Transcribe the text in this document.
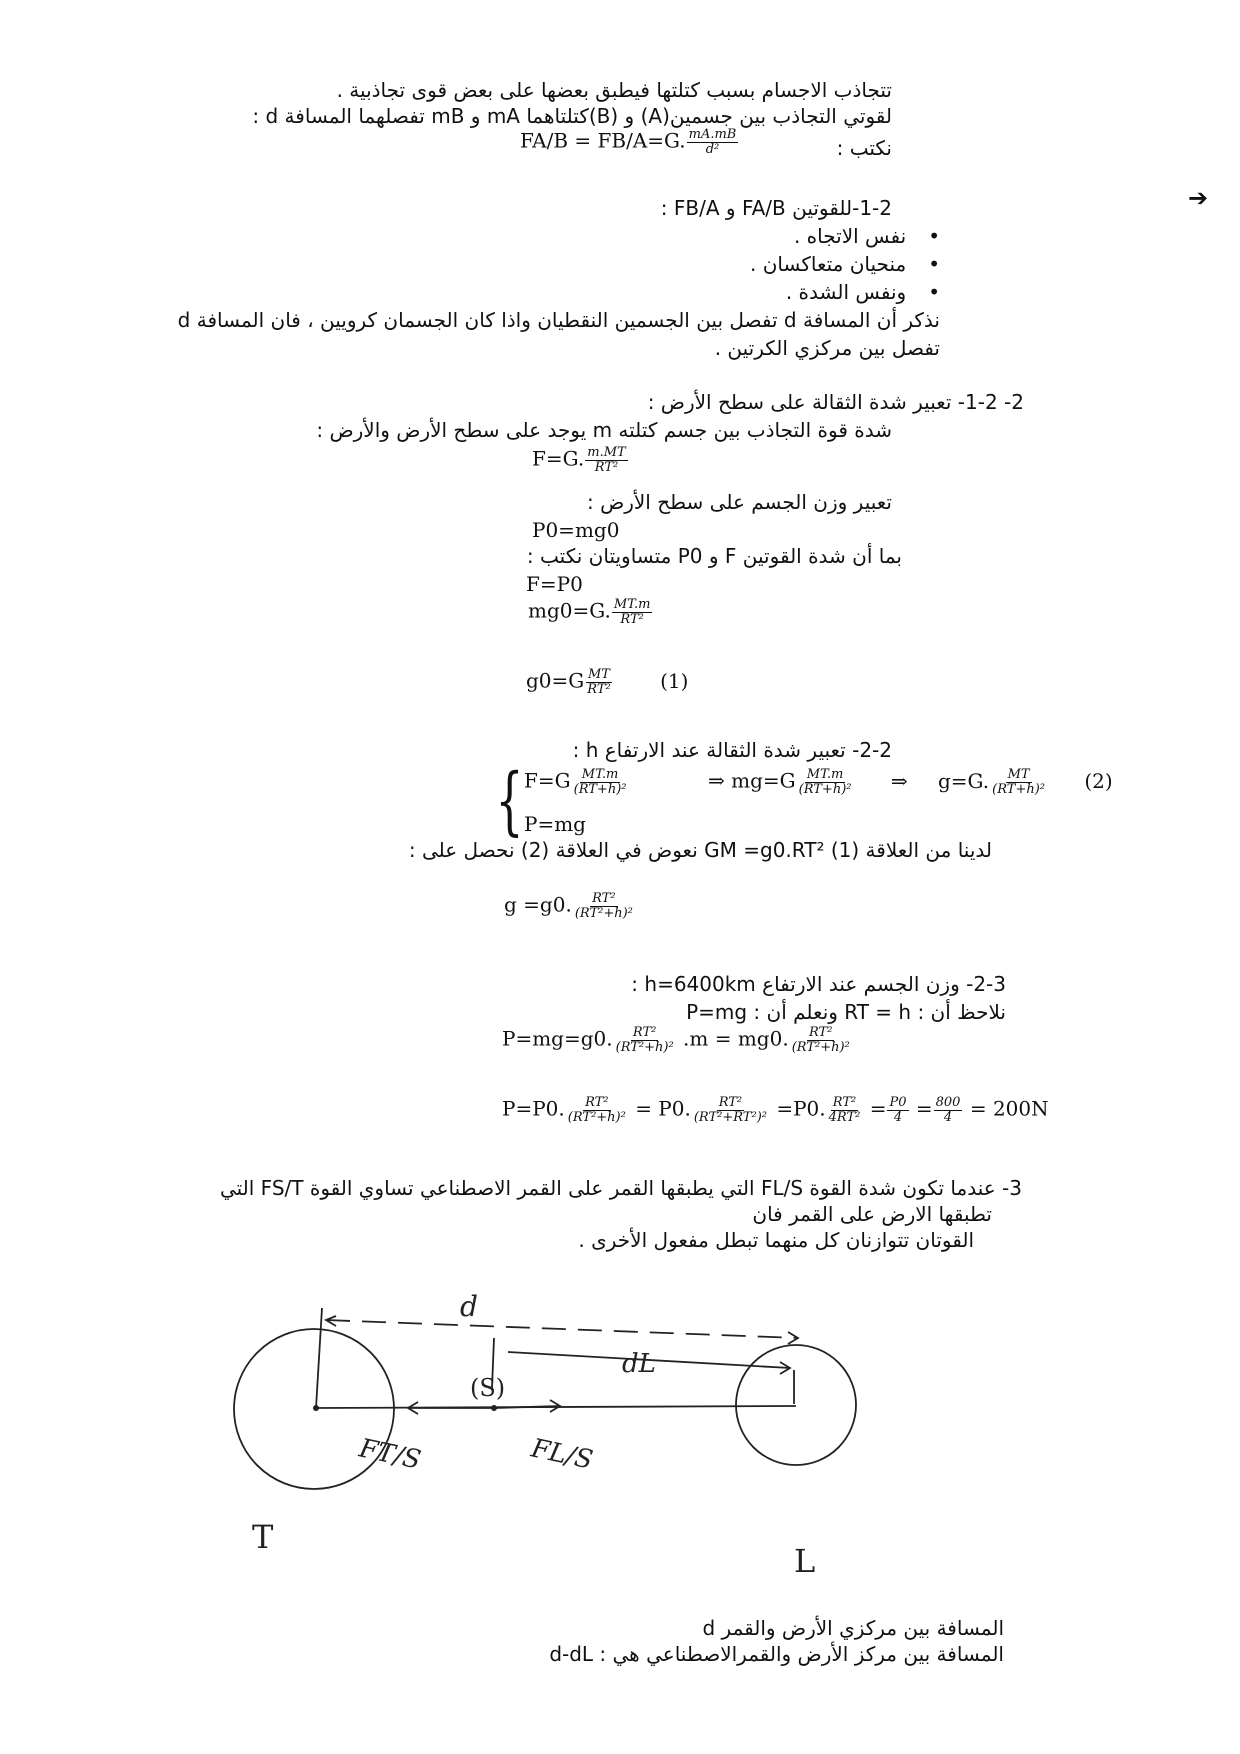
تتجاذب الاجسام بسبب كتلتها فيطبق بعضها على بعض قوى تجاذبية .
لقوتي التجاذب بين جسمين(A) و (B)كتلتاهما mA و mB تفصلهما المسافة d :
نكتب :
FA/B = FB/A=G. $\frac{mA.mB}{\text{d²}}$
➔
1-2-للقوتين FA/B و FB/A :
• نفس الاتجاه .
• منحيان متعاكسان .
• ونفس الشدة .
نذكر أن المسافة d تفصل بين الجسمين النقطيان واذا كان الجسمان كرويين ، فان المسافة d
تفصل بين مركزي الكرتين .
2- 1-2- تعبير شدة الثقالة على سطح الأرض :
شدة قوة التجاذب بين جسم كتلته m يوجد على سطح الأرض والأرض :
F=G. $\frac{m.MT}{\text{RT²}}$
تعبير وزن الجسم على سطح الأرض :
P0=mg0
بما أن شدة القوتين F و P0 متساويتان نكتب :
F=P0
mg0=G. $\frac{MT.m}{\text{RT²}}$
$g0=G \frac{MT}{\text{RT²}} (1)$
2-2- تعبير شدة الثقالة عند الارتفاع h :
{ $F=G \frac{MT.m}{\text{(RT+h)²}}$	⇒ $mg=G \frac{MT.m}{\text{(RT+h)²}}$ ⇒ g=G. $\frac{MT}{\text{(RT+h)²}} (2)$
P=mg
لدينا من العلاقة (1) GM =g0.RT² نعوض في العلاقة (2) نحصل على :
g =g0. $\frac{\text{RT²}}{\text{(RT²+h)²}}$
2-3- وزن الجسم عند الارتفاع h=6400km :
نلاحظ أن : RT = h ونعلم أن : P=mg
P=mg=g0. $\frac{\text{RT²}}{\text{(RT²+h)²}} .m = mg0$. $\frac{\text{RT²}}{\text{(RT²+h)²}}$
P=P0. $\frac{\text{RT²}}{\text{(RT²+h)²}} = P0$. $\frac{\text{RT²}}{\text{(RT²+RT²)²}} =P0$. $\frac{\text{RT²}}{\text{4RT²}} = \frac{P0}{4} = \frac{800}{4} = 200N$
3- عندما تكون شدة القوة FL/S التي يطبقها القمر على القمر الاصطناعي تساوي القوة FS/T التي
تطبقها الارض على القمر فان
القوتان تتوازنان كل منهما تبطل مفعول الأخرى .
d
dL
(S)
FT/S	FL/S
T
L
المسافة بين مركزي الأرض والقمر d
المسافة بين مركز الأرض والقمرالاصطناعي هي : d-dL
